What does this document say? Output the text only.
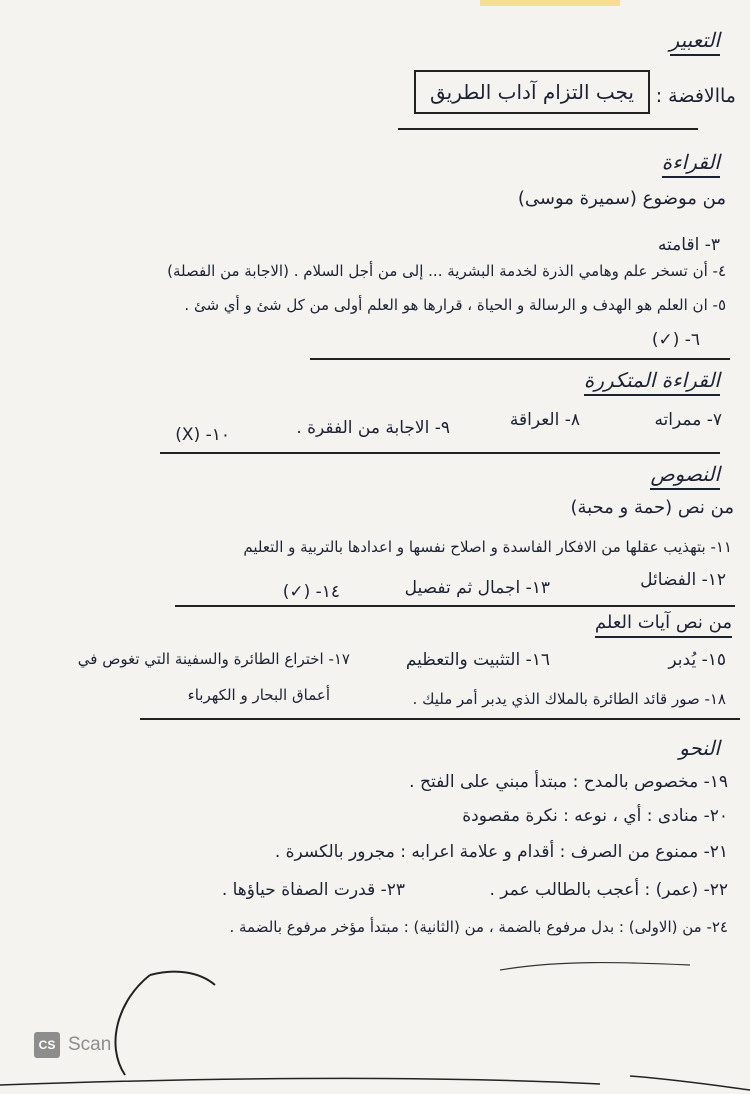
التعبير
ماالافضة :
يجب التزام آداب الطريق
القراءة
من موضوع (سميرة موسى)
٣- اقامته
٤- أن تسخر علم وهامي الذرة لخدمة البشرية ... إلى من أجل السلام . (الاجابة من الفصلة)
٥- ان العلم هو الهدف و الرسالة و الحياة ، قرارها هو العلم أولى من كل شئ و أي شئ .
٦- (✓)
القراءة المتكررة
٧- ممراته
٨- العراقة
٩- الاجابة من الفقرة .
١٠- (X)
النصوص
من نص (حمة و محبة)
١١- بتهذيب عقلها من الافكار الفاسدة و اصلاح نفسها و اعدادها بالتربية و التعليم
١٢- الفضائل
١٣- اجمال ثم تفصيل
١٤- (✓)
من نص آيات العلم
١٥- يُدبر
١٦- التثبيت والتعظيم
١٧- اختراع الطائرة والسفينة التي تغوص في
أعماق البحار و الكهرباء	١٨- صور قائد الطائرة بالملاك الذي يدبر أمر مليك .
النحو
١٩- مخصوص بالمدح : مبتدأ مبني على الفتح .
٢٠- منادى : أي ، نوعه : نكرة مقصودة
٢١- ممنوع من الصرف : أقدام و علامة اعرابه : مجرور بالكسرة .
٢٢- (عمر) : أعجب بالطالب عمر .
٢٣- قدرت الصفاة حياؤها .
٢٤- من (الاولى) : بدل مرفوع بالضمة ، من (الثانية) : مبتدأ مؤخر مرفوع بالضمة .
CS Scan
